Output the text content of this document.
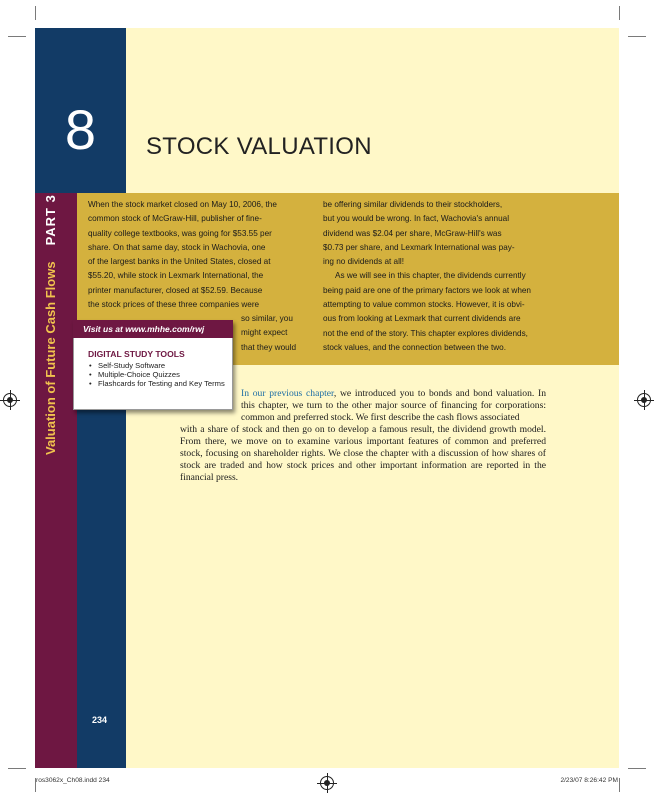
8	STOCK VALUATION
Valuation of Future Cash FlowsPART 3	When the stock market closed on May 10, 2006, the

common stock of McGraw-Hill, publisher of fine-

quality college textbooks, was going for $53.55 per

share. On that same day, stock in Wachovia, one

of the largest banks in the United States, closed at

$55.20, while stock in Lexmark International, the

printer manufacturer, closed at $52.59. Because

the stock prices of these three companies were

so similar, you

might expect

that they would

be offering similar dividends to their stockholders,

but you would be wrong. In fact, Wachovia's annual

dividend was $2.04 per share, McGraw-Hill's was

$0.73 per share, and Lexmark International was pay-

ing no dividends at all!

As we will see in this chapter, the dividends currently

being paid are one of the primary factors we look at when

attempting to value common stocks. However, it is obvi-

ous from looking at Lexmark that current dividends are

not the end of the story. This chapter explores dividends,

stock values, and the connection between the two.

Visit us at www.mhhe.com/rwj
DIGITAL STUDY TOOLS
• Self-Study Software
• Multiple-Choice Quizzes
• Flashcards for Testing and Key Terms
In our previous chapter, we introduced you to bonds and bond valuation. In this chapter, we turn to the other major source of financing for corporations: common and preferred stock. We first describe the cash flows associated
with a share of stock and then go on to develop a famous result, the dividend growth model. From there, we move on to examine various important features of common and preferred stock, focusing on shareholder rights. We close the chapter with a discussion of how shares of stock are traded and how stock prices and other important information are reported in the financial press.
234
ros3062x_Ch08.indd 234	2/23/07 8:26:42 PM
